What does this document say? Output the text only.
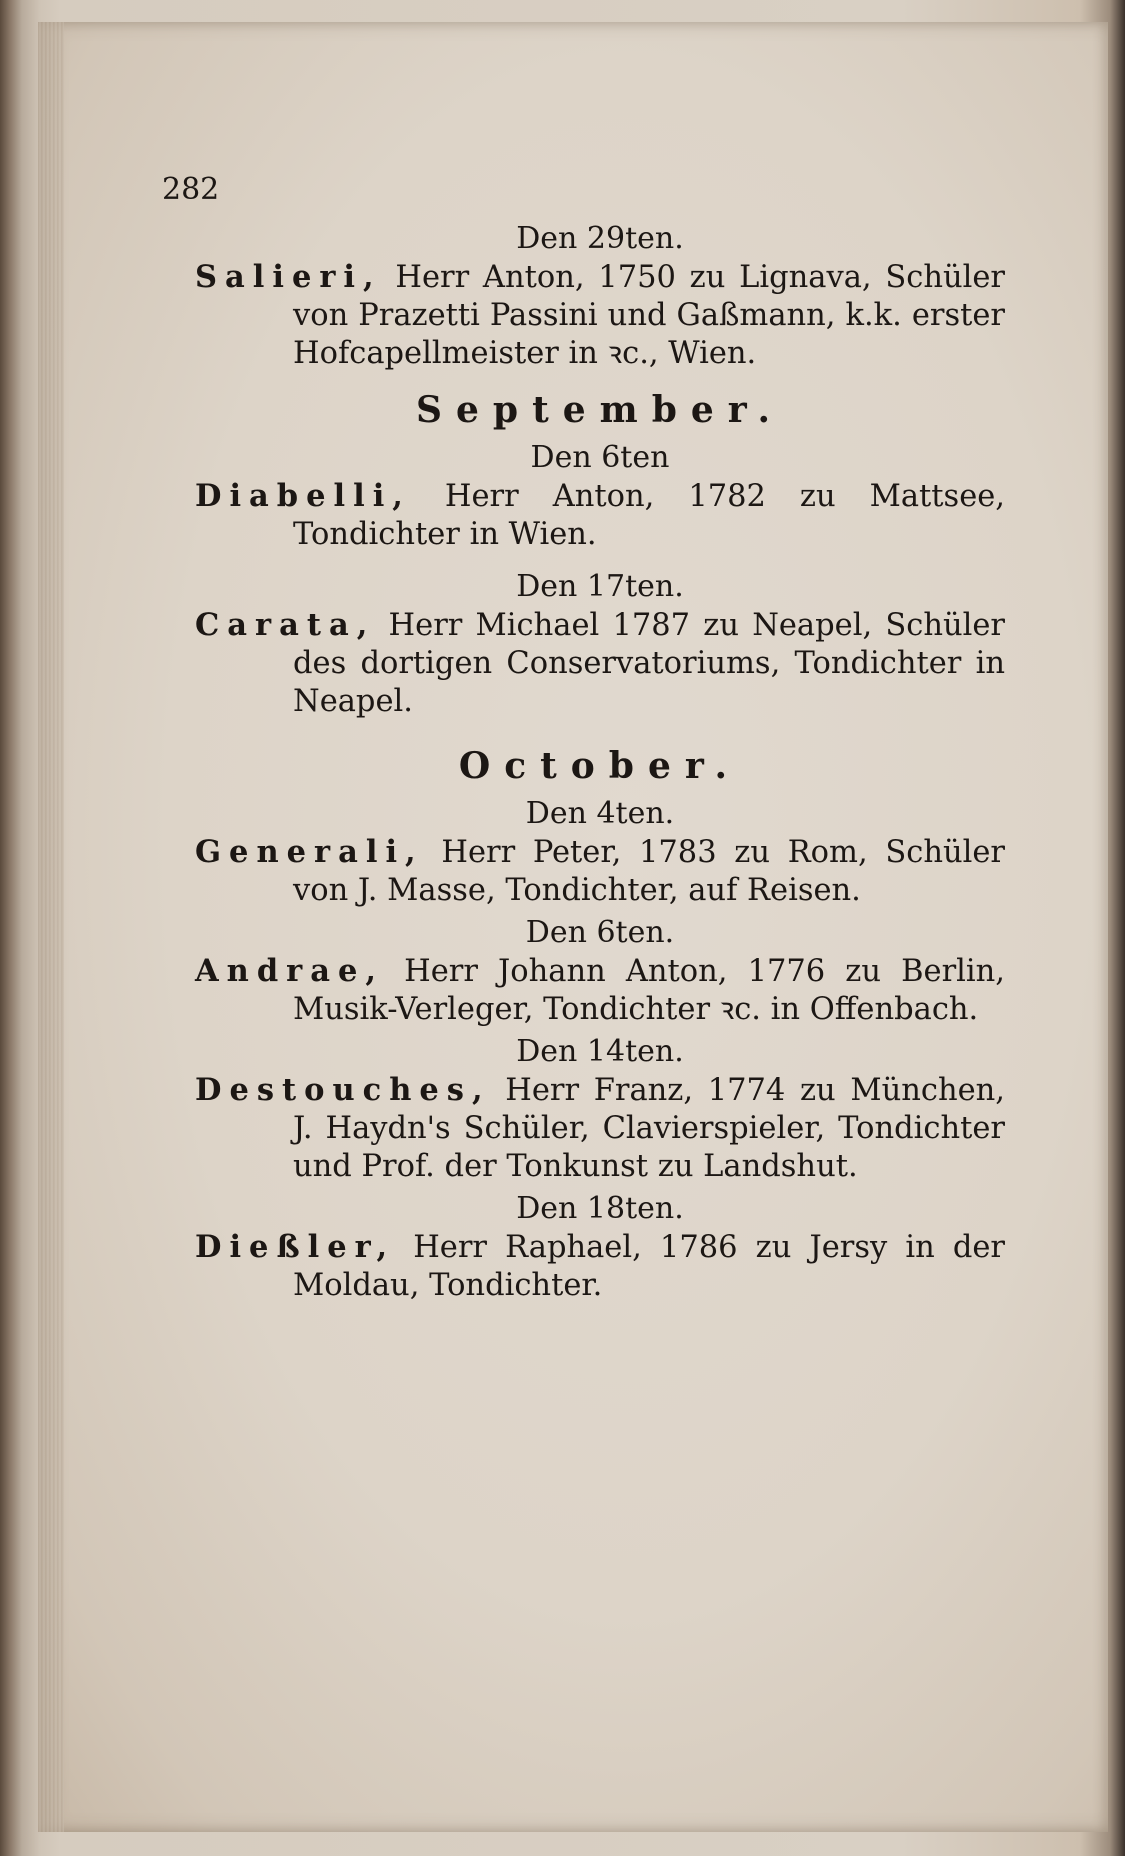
282

Den 29ten.

Salieri, Herr Anton, 1750 zu Lignava, Schüler von Prazetti Passini und Gaßmann, k.k. erster Hofcapellmeister in ꝛc., Wien.

September.

Den 6ten

Diabelli, Herr Anton, 1782 zu Mattsee, Tondichter in Wien.

Den 17ten.

Carata, Herr Michael 1787 zu Neapel, Schüler des dortigen Conservatoriums, Tondichter in Neapel.

October.

Den 4ten.

Generali, Herr Peter, 1783 zu Rom, Schüler von J. Masse, Tondichter, auf Reisen.

Den 6ten.

Andrae, Herr Johann Anton, 1776 zu Berlin, Musik-Verleger, Tondichter ꝛc. in Offenbach.

Den 14ten.

Destouches, Herr Franz, 1774 zu München, J. Haydn's Schüler, Clavierspieler, Tondichter und Prof. der Tonkunst zu Landshut.

Den 18ten.

Dießler, Herr Raphael, 1786 zu Jersy in der Moldau, Tondichter.
